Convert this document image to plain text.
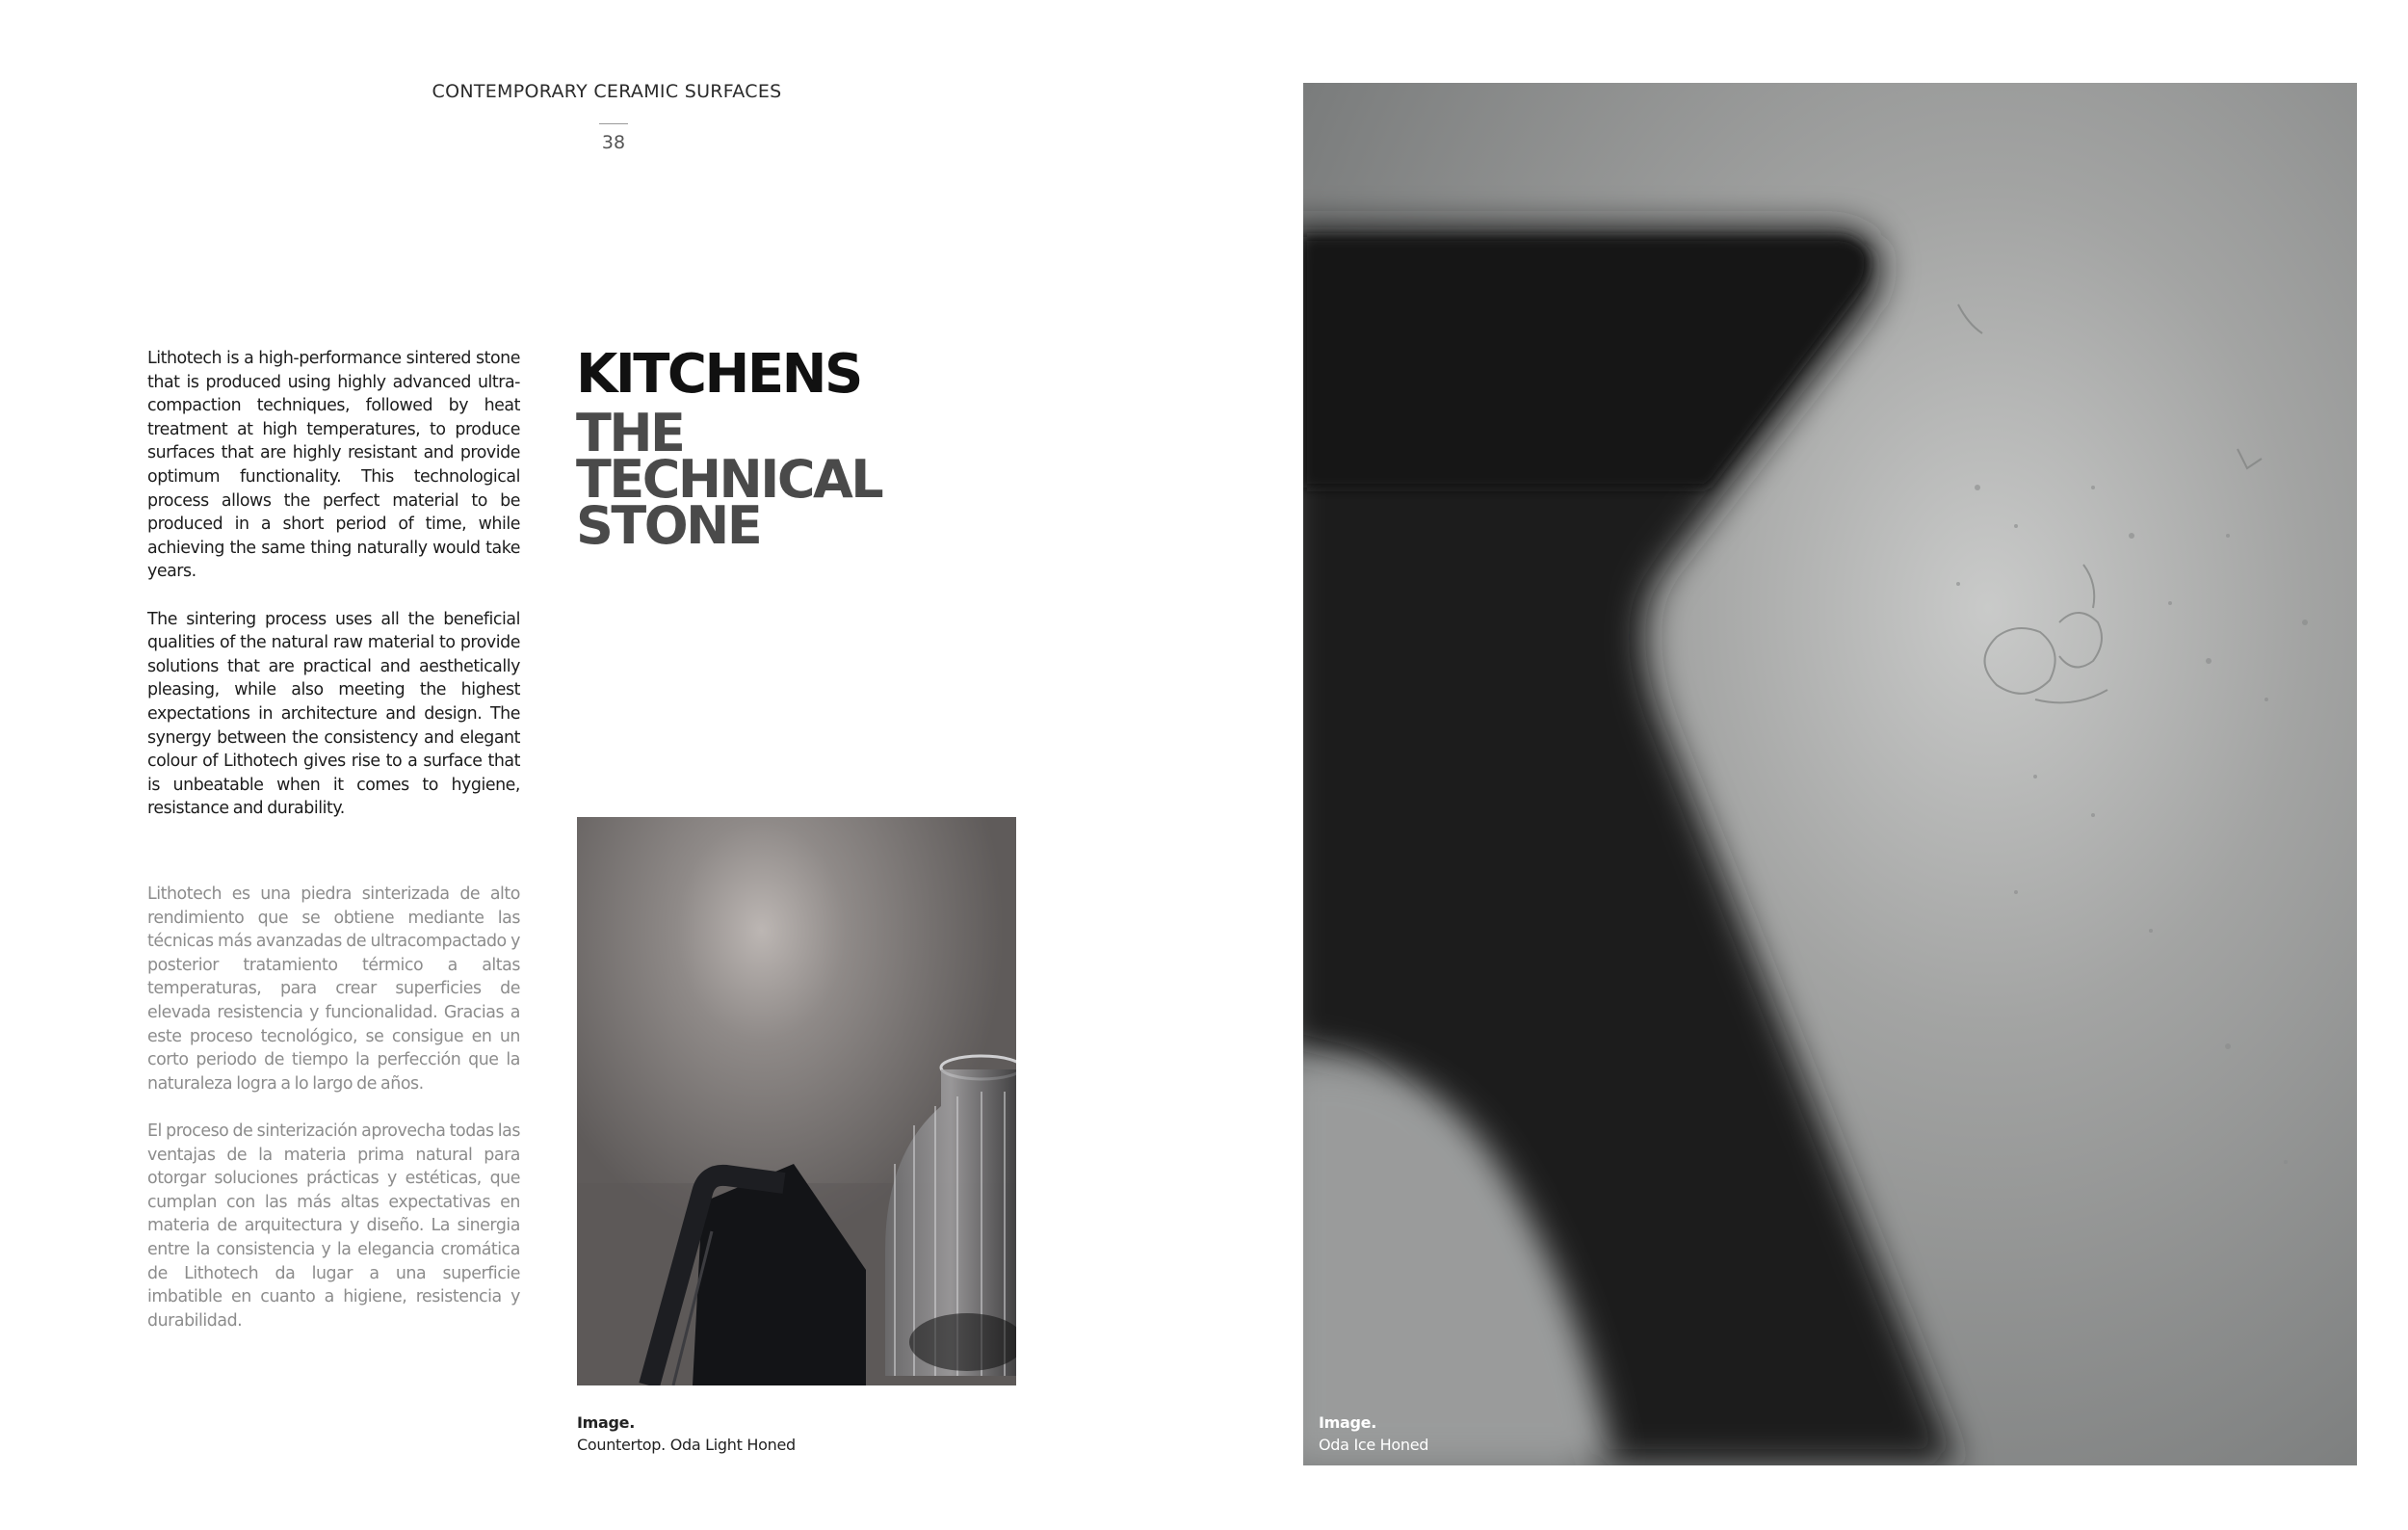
CONTEMPORARY CERAMIC SURFACES
38

Lithotech is a high-performance sintered stone that is produced using highly advanced ultra-compaction techniques, followed by heat treatment at high temperatures, to produce surfaces that are highly resistant and provide optimum functionality. This technological process allows the perfect material to be produced in a short period of time, while achieving the same thing naturally would take years.

The sintering process uses all the beneficial qualities of the natural raw material to provide solutions that are practical and aesthetically pleasing, while also meeting the highest expectations in architecture and design. The synergy between the consistency and elegant colour of Lithotech gives rise to a surface that is unbeatable when it comes to hygiene, resistance and durability.

Lithotech es una piedra sinterizada de alto rendimiento que se obtiene mediante las técnicas más avanzadas de ultracompactado y posterior tratamiento térmico a altas temperaturas, para crear superficies de elevada resistencia y funcionalidad. Gracias a este proceso tecnológico, se consigue en un corto periodo de tiempo la perfección que la naturaleza logra a lo largo de años.

El proceso de sinterización aprovecha todas las ventajas de la materia prima natural para otorgar soluciones prácticas y estéticas, que cumplan con las más altas expectativas en materia de arquitectura y diseño. La sinergia entre la consistencia y la elegancia cromática de Lithotech da lugar a una superficie imbatible en cuanto a higiene, resistencia y durabilidad.

KITCHENS
THE
TECHNICAL
STONE
Image.
Countertop. Oda Light Honed
Image.
Oda Ice Honed
